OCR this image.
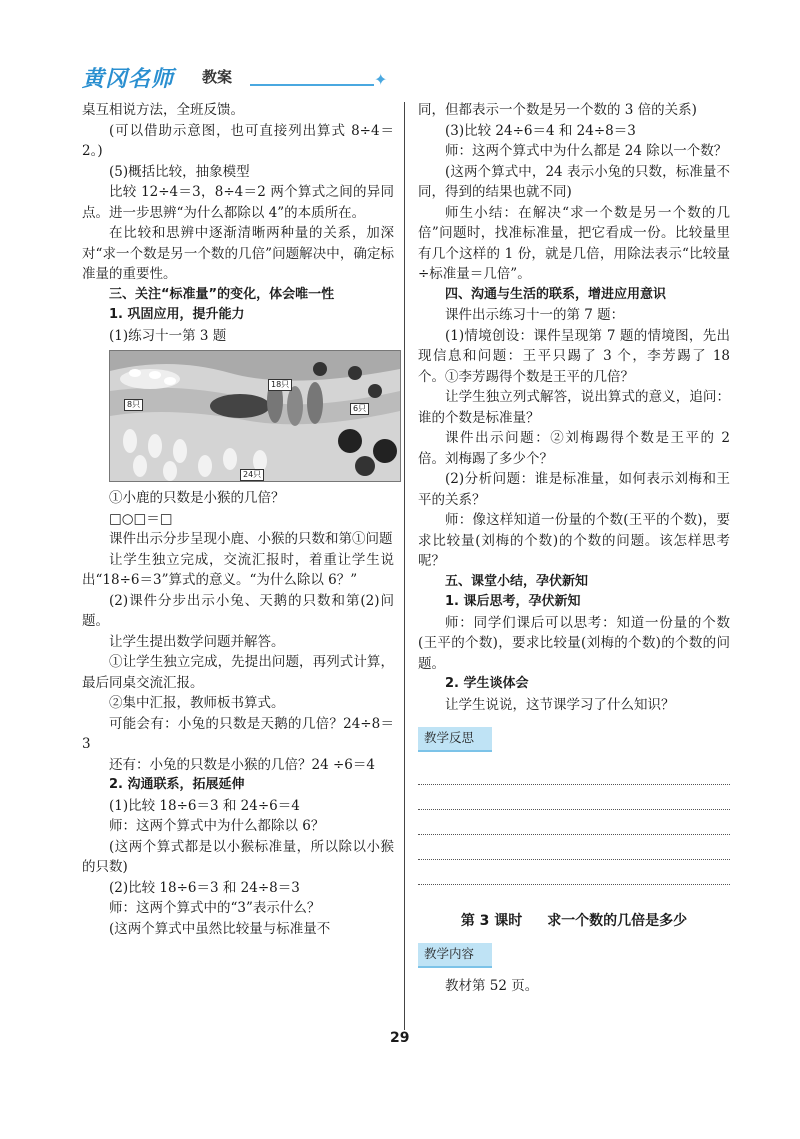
黄冈名师 教案	✦

桌互相说方法，全班反馈。

(可以借助示意图，也可直接列出算式 8÷4＝2。)

(5)概括比较，抽象模型

比较 12÷4＝3，8÷4＝2 两个算式之间的异同点。进一步思辨“为什么都除以 4”的本质所在。

在比较和思辨中逐渐清晰两种量的关系，加深对“求一个数是另一个数的几倍”问题解决中，确定标准量的重要性。

三、关注“标准量”的变化，体会唯一性

1. 巩固应用，提升能力

(1)练习十一第 3 题

8只
18只
6只
24只

①小鹿的只数是小猴的几倍？

□○□＝□

课件出示分步呈现小鹿、小猴的只数和第①问题

让学生独立完成，交流汇报时，着重让学生说出“18÷6＝3”算式的意义。“为什么除以 6？”

(2)课件分步出示小兔、天鹅的只数和第(2)问题。

让学生提出数学问题并解答。

①让学生独立完成，先提出问题，再列式计算，最后同桌交流汇报。

②集中汇报，教师板书算式。

可能会有：小兔的只数是天鹅的几倍？24÷8＝3

还有：小兔的只数是小猴的几倍？24 ÷6＝4

2. 沟通联系，拓展延伸

(1)比较 18÷6＝3 和 24÷6＝4

师：这两个算式中为什么都除以 6？

(这两个算式都是以小猴标准量，所以除以小猴的只数)

(2)比较 18÷6＝3 和 24÷8＝3

师：这两个算式中的“3”表示什么？

(这两个算式中虽然比较量与标准量不

同，但都表示一个数是另一个数的 3 倍的关系)

(3)比较 24÷6＝4 和 24÷8＝3

师：这两个算式中为什么都是 24 除以一个数？

(这两个算式中，24 表示小兔的只数，标准量不同，得到的结果也就不同)

师生小结：在解决“求一个数是另一个数的几倍”问题时，找准标准量，把它看成一份。比较量里有几个这样的 1 份，就是几倍，用除法表示“比较量÷标准量＝几倍”。

四、沟通与生活的联系，增进应用意识

课件出示练习十一的第 7 题：

(1)情境创设：课件呈现第 7 题的情境图，先出现信息和问题：王平只踢了 3 个，李芳踢了 18 个。①李芳踢得个数是王平的几倍？

让学生独立列式解答，说出算式的意义，追问：谁的个数是标准量？

课件出示问题：②刘梅踢得个数是王平的 2 倍。刘梅踢了多少个？

(2)分析问题：谁是标准量，如何表示刘梅和王平的关系？

师：像这样知道一份量的个数(王平的个数)，要求比较量(刘梅的个数)的个数的问题。该怎样思考呢？

五、课堂小结，孕伏新知

1. 课后思考，孕伏新知

师：同学们课后可以思考：知道一份量的个数(王平的个数)，要求比较量(刘梅的个数)的个数的问题。

2. 学生谈体会

让学生说说，这节课学习了什么知识？

教学反思
第 3 课时 求一个数的几倍是多少
教学内容

教材第 52 页。

29
